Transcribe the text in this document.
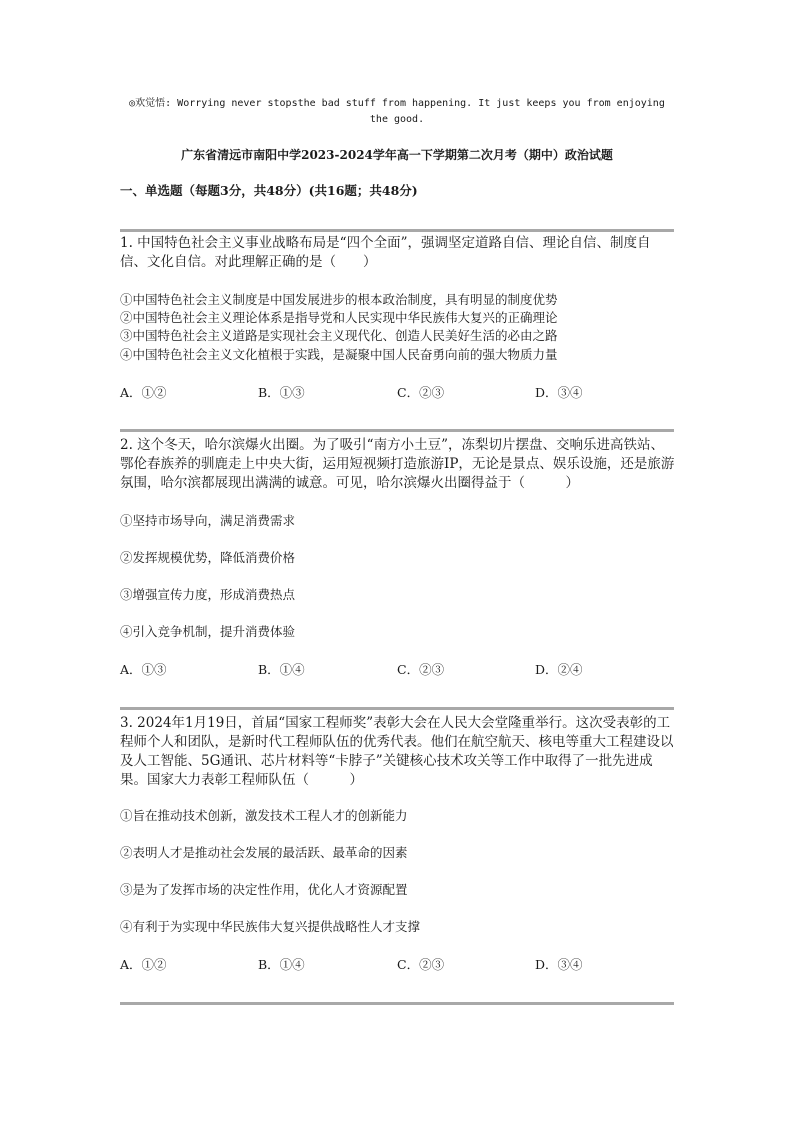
◎欢觉悟: Worrying never stopsthe bad stuff from happening. It just keeps you from enjoying the good.
广东省清远市南阳中学2023-2024学年高一下学期第二次月考（期中）政治试题
一、单选题（每题3分，共48分）(共16题；共48分)
1. 中国特色社会主义事业战略布局是“四个全面”，强调坚定道路自信、理论自信、制度自信、文化自信。对此理解正确的是（　　）
①中国特色社会主义制度是中国发展进步的根本政治制度，具有明显的制度优势
②中国特色社会主义理论体系是指导党和人民实现中华民族伟大复兴的正确理论
③中国特色社会主义道路是实现社会主义现代化、创造人民美好生活的必由之路
④中国特色社会主义文化植根于实践，是凝聚中国人民奋勇向前的强大物质力量
A．①②	B．①③	C．②③	D．③④
2. 这个冬天，哈尔滨爆火出圈。为了吸引“南方小土豆”，冻梨切片摆盘、交响乐进高铁站、鄂伦春族养的驯鹿走上中央大街，运用短视频打造旅游IP，无论是景点、娱乐设施，还是旅游氛围，哈尔滨都展现出满满的诚意。可见，哈尔滨爆火出圈得益于（　　　）
①坚持市场导向，满足消费需求
②发挥规模优势，降低消费价格
③增强宣传力度，形成消费热点
④引入竞争机制，提升消费体验
A．①③	B．①④	C．②③	D．②④
3. 2024年1月19日，首届“国家工程师奖”表彰大会在人民大会堂隆重举行。这次受表彰的工程师个人和团队，是新时代工程师队伍的优秀代表。他们在航空航天、核电等重大工程建设以及人工智能、5G通讯、芯片材料等“卡脖子”关键核心技术攻关等工作中取得了一批先进成果。国家大力表彰工程师队伍（　　　）
①旨在推动技术创新，激发技术工程人才的创新能力
②表明人才是推动社会发展的最活跃、最革命的因素
③是为了发挥市场的决定性作用，优化人才资源配置
④有利于为实现中华民族伟大复兴提供战略性人才支撑
A．①②	B．①④	C．②③	D．③④
